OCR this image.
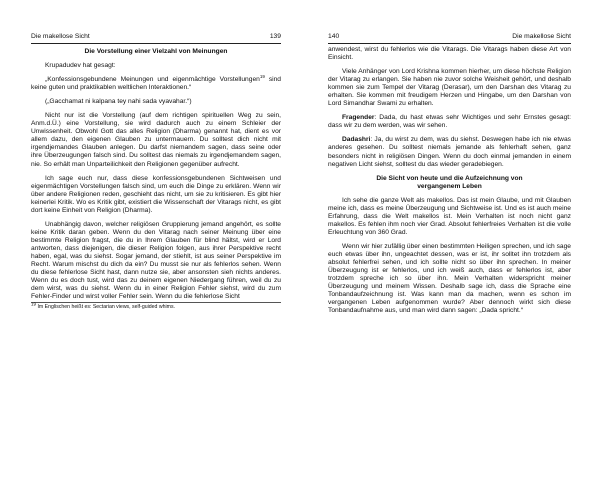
Die makellose Sicht	139

Die Vorstellung einer Vielzahl von Meinungen

Krupadudev hat gesagt:

„Konfessionsgebundene Meinungen und eigenmächtige Vorstellungen$^{19}$ sind keine guten und praktikablen weltlichen Interaktionen.“

(„Gacchamat ni kalpana tey nahi sada vyavahar.“)

Nicht nur ist die Vorstellung (auf dem richtigen spirituellen Weg zu sein, Anm.d.Ü.) eine Vorstellung, sie wird dadurch auch zu einem Schleier der Unwissenheit. Obwohl Gott das alles Religion (Dharma) genannt hat, dient es vor allem dazu, den eigenen Glauben zu untermauern. Du solltest dich nicht mit irgendjemandes Glauben anlegen. Du darfst niemandem sagen, dass seine oder ihre Überzeugungen falsch sind. Du solltest das niemals zu irgendjemandem sagen, nie. So erhält man Unparteilichkeit den Religionen gegenüber aufrecht.

Ich sage euch nur, dass diese konfessionsgebundenen Sichtweisen und eigenmächtigen Vorstellungen falsch sind, um euch die Dinge zu erklären. Wenn wir über andere Religionen reden, geschieht das nicht, um sie zu kritisieren. Es gibt hier keinerlei Kritik. Wo es Kritik gibt, existiert die Wissenschaft der Vitarags nicht, es gibt dort keine Einheit von Religion (Dharma).

Unabhängig davon, welcher religiösen Gruppierung jemand angehört, es sollte keine Kritik daran geben. Wenn du den Vitarag nach seiner Meinung über eine bestimmte Religion fragst, die du in Ihrem Glauben für blind hältst, wird er Lord antworten, dass diejenigen, die dieser Religion folgen, aus ihrer Perspektive recht haben, egal, was du siehst. Sogar jemand, der stiehlt, ist aus seiner Perspektive im Recht. Warum mischst du dich da ein? Du musst sie nur als fehlerlos sehen. Wenn du diese fehlerlose Sicht hast, dann nutze sie, aber ansonsten sieh nichts anderes. Wenn du es doch tust, wird das zu deinem eigenen Niedergang führen, weil du zu dem wirst, was du siehst. Wenn du in einer Religion Fehler siehst, wird du zum Fehler-Finder und wirst voller Fehler sein. Wenn du die fehlerlose Sicht

$^{19}$ Im Englischen heißt es: Sectarian views, self-guided whims.
140	Die makellose Sicht

anwendest, wirst du fehlerlos wie die Vitarags. Die Vitarags haben diese Art von Einsicht.

Viele Anhänger von Lord Krishna kommen hierher, um diese höchste Religion der Vitarag zu erlangen. Sie haben nie zuvor solche Weisheit gehört, und deshalb kommen sie zum Tempel der Vitarag (Derasar), um den Darshan des Vitarag zu erhalten. Sie kommen mit freudigem Herzen und Hingabe, um den Darshan von Lord Simandhar Swami zu erhalten.

Fragender: Dada, du hast etwas sehr Wichtiges und sehr Ernstes gesagt: dass wir zu dem werden, was wir sehen.

Dadashri: Ja, du wirst zu dem, was du siehst. Deswegen habe ich nie etwas anderes gesehen. Du solltest niemals jemande als fehlerhaft sehen, ganz besonders nicht in religiösen Dingen. Wenn du doch einmal jemanden in einem negativen Licht siehst, solltest du das wieder geradebiegen.

Die Sicht von heute und die Aufzeichnung von
vergangenem Leben

Ich sehe die ganze Welt als makellos. Das ist mein Glaube, und mit Glauben meine ich, dass es meine Überzeugung und Sichtweise ist. Und es ist auch meine Erfahrung, dass die Welt makellos ist. Mein Verhalten ist noch nicht ganz makellos. Es fehlen ihm noch vier Grad. Absolut fehlerfreies Verhalten ist die volle Erleuchtung von 360 Grad.

Wenn wir hier zufällig über einen bestimmten Heiligen sprechen, und ich sage euch etwas über ihn, ungeachtet dessen, was er ist, ihr solltet ihn trotzdem als absolut fehlerfrei sehen, und ich sollte nicht so über ihn sprechen. In meiner Überzeugung ist er fehlerlos, und ich weiß auch, dass er fehlerlos ist, aber trotzdem spreche ich so über ihn. Mein Verhalten widerspricht meiner Überzeugung und meinem Wissen. Deshalb sage ich, dass die Sprache eine Tonbandaufzeichnung ist. Was kann man da machen, wenn es schon im vergangenen Leben aufgenommen wurde? Aber dennoch wirkt sich diese Tonbandaufnahme aus, und man wird dann sagen: „Dada spricht.“
